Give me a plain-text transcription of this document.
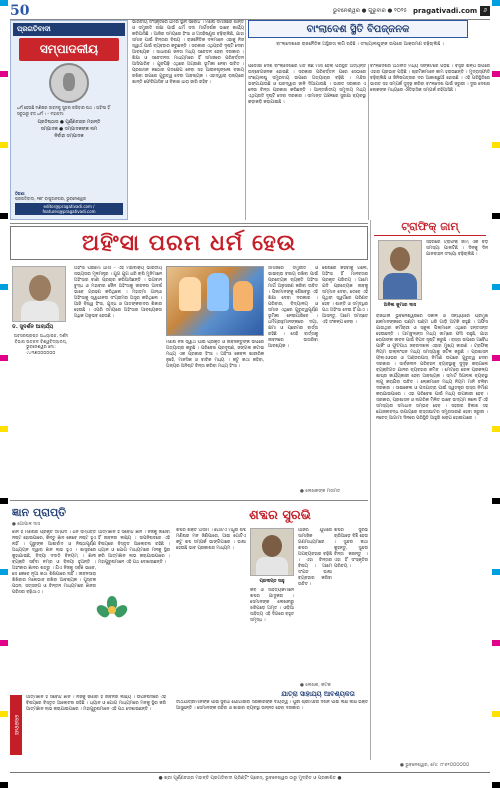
50	ଭୁବନେଶ୍ୱର ● ଗୁରୁବାର ● ୨୦୨୫ pragativadi.com	୬
ପ୍ରଗତିବାଦୀ
ସମ୍ପାଦକୀୟ
ଧର୍ମ ହେଉଛି ମଣିଷର ଜୀବନକୁ ସୁନ୍ଦର କରିବାର ପଥ । ଅହିଂସା ହିଁ ସବୁଠାରୁ ବଡ ଧର୍ମ । – ମହାତ୍ମା
ପ୍ରତିଷ୍ଠାତା ● ପୂର୍ଣ୍ଣଚନ୍ଦ୍ର ମହାନ୍ତି
ସମ୍ପାଦକ ● ସମ୍ପାଦକଙ୍କ ନାମ
ନିର୍ବାହୀ ସମ୍ପାଦକ
ଠିକଣା
ପ୍ରଗତିବାଦୀ, ୧୭୮ ବାପୁଜୀନଗର, ଭୁବନେଶ୍ୱର
editor@pragativadi.com / features@pragativadi.com
ଭାରତୀୟ ସଂସ୍କୃତିରେ ଧର୍ମର ସ୍ଥାନ ସର୍ବୋଚ୍ଚ । ମଣିଷ ସମାଜରେ ଶାନ୍ତି ଓ ସମ୍ପ୍ରୀତି ରକ୍ଷା ପାଇଁ ଧର୍ମ ସଦା ମାର୍ଗଦର୍ଶକ ଭାବେ କାର୍ଯ୍ୟ କରିଆସିଛି । ଆଜିର ସମୟରେ ହିଂସା ଓ ଅସହିଷ୍ଣୁତା ବଢ଼ିଚାଲିଛି, ଯାହା ସମାଜ ପାଇଁ ଚିନ୍ତାର ବିଷୟ । ରାଜନୈତିକ ଦଳମାନେ ଏହାକୁ ନିଜ ସ୍ୱାର୍ଥ ପାଇଁ ବ୍ୟବହାର କରୁଛନ୍ତି । ସରକାର ଏଥିପ୍ରତି ଦୃଷ୍ଟି ଦେବା ଆବଶ୍ୟକ । ସାଧାରଣ ଜନତା ମଧ୍ୟ ସଚେତନ ହେବା ଦରକାର । ଶିକ୍ଷା ଓ ସଚେତନତା ମାଧ୍ୟମରେ ହିଁ ସମାଜରେ ପରିବର୍ତ୍ତନ ଆସିପାରିବ । ଯୁବପିଢ଼ି ଏଥିରେ ଅଗ୍ରଣୀ ଭୂମିକା ନେବା ଉଚିତ । ପ୍ରଶାସନ କଠୋର ପଦକ୍ଷେପ ନେବା ସହ ଆଇନଶୃଙ୍ଖଳା ବଜାୟ ରଖିବା ଉପରେ ଗୁରୁତ୍ୱ ଦେବା ଆବଶ୍ୟକ । ଏହାଦ୍ୱାରା ରାଜ୍ୟରେ ଶାନ୍ତି ଫେରିଆସିବ ଓ ବିକାଶ ଧାରା ଜାରି ରହିବ ।
ବାଂଲାଦେଶ ସ୍ଥିତି ବିପଜ୍ଜନକ
ବାଂଲାଦେଶରେ ରାଜନୈତିକ ଅସ୍ଥିରତା ଲାଗି ରହିଛି । ସଂଖ୍ୟାଲଘୁଙ୍କ ଉପରେ ଆକ୍ରମଣ ବଢ଼ିଚାଲିଛି ।
ପଡୋଶୀ ଦେଶ ବାଂଲାଦେଶରେ ଗତ କିଛି ମାସ ହେଲା ପରିସ୍ଥିତି ଅତ୍ୟନ୍ତ ଉଦ୍‌ବେଗଜନକ ହୋଇଛି । ସରକାର ପରିବର୍ତ୍ତନ ପରେ ସେଠାରେ ସଂଖ୍ୟାଲଘୁ ସମ୍ପ୍ରଦାୟ ଉପରେ ଅତ୍ୟାଚାର ବଢ଼ିଛି । ମନ୍ଦିର ଭଙ୍ଗାଯାଉଛି ଓ ଘରଦ୍ୱାର ଜାଳି ଦିଆଯାଉଛି । ଭାରତ ସରକାର ଏ ନେଇ ଚିନ୍ତା ପ୍ରକାଶ କରିଛନ୍ତି । ଆନ୍ତର୍ଜାତୀୟ ସମୁଦାୟ ମଧ୍ୟ ଏଥିପ୍ରତି ଦୃଷ୍ଟି ଦେବା ଦରକାର । ସୀମାନ୍ତ ଅଞ୍ଚଳରେ ସୁରକ୍ଷା ବ୍ୟବସ୍ଥା କଡ଼ାକଡ଼ି କରାଯାଇଛି ।
ବାଂଲାଦେଶର ଅର୍ଥନୀତି ମଧ୍ୟ ସଙ୍କଟରେ ପଡ଼ିଛି । ବସ୍ତ୍ର ଶିଳ୍ପ ଉପରେ ଏହାର ପ୍ରଭାବ ପଡ଼ିଛି । ଶ୍ରମିକମାନେ କାମ ହରାଉଛନ୍ତି । ମୁଦ୍ରାସ୍ଫୀତି ବଢ଼ିଚାଲିଛି ଓ ଜିନିଷପତ୍ରର ଦର ଆକାଶଛୁଆଁ ହୋଇଛି । ଏହି ପରିସ୍ଥିତିରେ ଭାରତ ସହ ସମ୍ପର୍କ ସୁଦୃଢ଼ କରିବା ବାଂଲାଦେଶ ପାଇଁ ଜରୁରୀ । ଦୁଇ ଦେଶର ଲୋକଙ୍କ ମଧ୍ୟରେ ଐତିହାସିକ ସମ୍ପର୍କ ରହିଆସିଛି ।
ଅହିଂସା ପରମ ଧର୍ମ ହେଉ
ଡ. ସୁଦର୍ଶନ ଆଚାର୍ଯ୍ୟ
ଅବସରପ୍ରାପ୍ତ ଅଧ୍ୟାପକ, ଦର୍ଶନ ବିଭାଗ ଉତ୍କଳ ବିଶ୍ୱବିଦ୍ୟାଳୟ, ଭୁବନେଶ୍ୱର ମୋ: ୯୪୩୭୦୦୦୦୦୦
ଅହିଂସା ପରମୋ ଧର୍ମଃ – ଏହି ମହାବାକ୍ୟ ଭାରତୀୟ ସଭ୍ୟତାର ମୂଳମନ୍ତ୍ର । ଯୁଗ ଯୁଗ ଧରି ଋଷି ମୁନିମାନେ ଅହିଂସାର ବାଣୀ ପ୍ରଚାର କରିଆସିଛନ୍ତି । ଭଗବାନ ବୁଦ୍ଧ ଓ ମହାବୀର ଜୈନ ଅହିଂସାକୁ ଜୀବନର ଆଦର୍ଶ ଭାବେ ଗ୍ରହଣ କରିଥିଲେ । ମହାତ୍ମା ଗାନ୍ଧୀ ଅହିଂସାକୁ ସ୍ୱାଧୀନତା ସଂଗ୍ରାମର ଅସ୍ତ୍ର କରିଥିଲେ । ଆଜି ବିଶ୍ୱ ହିଂସା, ଯୁଦ୍ଧ ଓ ଆତଙ୍କବାଦର ଶିକାର ହେଉଛି । ଏପରି ସମୟରେ ଅହିଂସାର ଆବଶ୍ୟକତା ଅଧିକ ଅନୁଭବ ହେଉଛି ।
ମଣିଷ ନିଜ ସ୍ୱାର୍ଥ ପାଇଁ ପ୍ରକୃତି ଓ ଜୀବଜନ୍ତୁଙ୍କ ଉପରେ ଅତ୍ୟାଚାର କରୁଛି । ପରିବେଶ ପ୍ରଦୂଷଣ, ଜଙ୍ଗଲ କଟାଇ ମଧ୍ୟ ଏକ ପ୍ରକାର ହିଂସା । ଅହିଂସା କେବଳ ଶାରୀରିକ ନୁହେଁ, ମାନସିକ ଓ ବାଚିକ ମଧ୍ୟ । କଟୁ କଥା କହିବା, ଅନ୍ୟର ଅନିଷ୍ଟ ଚିନ୍ତା କରିବା ମଧ୍ୟ ହିଂସା ।
ସମାଜରେ ସମ୍ପ୍ରୀତି ଓ ଭାଇଚାରା ବଜାୟ ରଖିବା ପାଇଁ ପ୍ରତ୍ୟେକ ବ୍ୟକ୍ତି ଅହିଂସା ମାର୍ଗ ଅନୁସରଣ କରିବା ଉଚିତ । ପିଲାମାନଙ୍କୁ ଶୈଶବରୁ ଏହି ଶିକ୍ଷା ଦେବା ଦରକାର । ପରିବାର, ବିଦ୍ୟାଳୟ ଓ ସମାଜ ଏଥିରେ ଗୁରୁତ୍ୱପୂର୍ଣ୍ଣ ଭୂମିକା ନେଇପାରିବେ । ଧର୍ମଗ୍ରନ୍ଥମାନଙ୍କରେ ଦୟା, କ୍ଷମା ଓ ପ୍ରେମର ବାର୍ତ୍ତା ରହିଛି । ସେହି ବାର୍ତ୍ତାକୁ ଜୀବନରେ ଉତାରିବା ଆବଶ୍ୟକ ।
ଶେଷରେ କହିବାକୁ ଗଲେ, ଅହିଂସା ହିଁ ମାନବତାର ପ୍ରକୃତ ପରିଚୟ । ଆମେ ଯଦି ପ୍ରତ୍ୟେକ ଜୀବକୁ ସମ୍ମାନ ଦେବା, ତେବେ ଏହି ପୃଥିବୀ ସ୍ୱର୍ଗରେ ପରିଣତ ହେବ । ଶାନ୍ତି ଓ ସମୃଦ୍ଧିର ପଥ ଅହିଂସା ଦେଇ ହିଁ ଯାଏ । ଆସନ୍ତୁ, ଆମେ ସମସ୍ତେ ଏହି ସଂକଳ୍ପ ନେବା ।
● ଲେଖକଙ୍କ ମତାମତ
ଟ୍ରାଫିକ୍ ଜାମ୍
ଅନିଲ କୁମାର ଦାସ
ସହରରେ ଟ୍ରାଫିକ୍ ଜାମ୍ ଏକ ବଡ଼ ସମସ୍ୟା ପାଲଟିଛି । ଦିନକୁ ଦିନ ଯାନବାହନ ସଂଖ୍ୟା ବଢ଼ିଚାଲିଛି ।
ରାଜଧାନୀ ଭୁବନେଶ୍ୱରରେ ସକାଳ ଓ ସନ୍ଧ୍ୟାରେ ପ୍ରମୁଖ ଛକମାନଙ୍କରେ ଘଣ୍ଟା ଘଣ୍ଟା ଧରି ଗାଡ଼ି ଅଟକି ରହୁଛି । ଅଫିସ ଯାଉଥିବା କର୍ମଚାରୀ ଓ ସ୍କୁଲ ପିଲାମାନେ ଏଥିରେ ହନ୍ତସନ୍ତ ହେଉଛନ୍ତି । ଆମ୍ବୁଲାନ୍ସ ମଧ୍ୟ ଜାମ୍‌ରେ ଫସି ରହୁଛି, ଯାହା ରୋଗୀଙ୍କ ଜୀବନ ପାଇଁ ବିପଦ ସୃଷ୍ଟି କରୁଛି । ରାସ୍ତା ଉପରେ ଅବୈଧ ପାର୍କିଂ ଓ ଫୁଟପାଥ ଜବରଦଖଲ ଏହାର ମୁଖ୍ୟ କାରଣ । ଟ୍ରାଫିକ୍ ନିୟମ ଉଲ୍ଲଂଘନ ମଧ୍ୟ ସମସ୍ୟାକୁ ଜଟିଳ କରୁଛି । ପ୍ରଶାସନ ଫ୍ଲାଏଓଭର ଓ ଅଣ୍ଡରପାସ୍ ନିର୍ମାଣ ଉପରେ ଗୁରୁତ୍ୱ ଦେବା ଦରକାର । ସାର୍ବଜନୀନ ପରିବହନ ବ୍ୟବସ୍ଥାକୁ ସୁଦୃଢ଼ କରାଗଲେ ବ୍ୟକ୍ତିଗତ ଯାନର ବ୍ୟବହାର କମିବ । ମେଟ୍ରୋ ରେଳ ପ୍ରକଳ୍ପ ଶୀଘ୍ର କାର୍ଯ୍ୟକାରୀ ହେବା ଆବଶ୍ୟକ । ସ୍ମାର୍ଟ ସିଗନାଲ ବ୍ୟବସ୍ଥା ଲାଗୁ କରାଯିବା ଉଚିତ । ଲୋକମାନେ ମଧ୍ୟ ନିୟମ ମାନି ଚଳିବା ଦରକାର । ସାଇକେଲ ଓ ପଦଯାତ୍ରା ପାଇଁ ସ୍ୱତନ୍ତ୍ର ରାସ୍ତା ନିର୍ମାଣ କରାଯାଇପାରେ । ଏହା ପରିବେଶ ପାଇଁ ମଧ୍ୟ ଉପକାରୀ ହେବ । ସରକାର, ପ୍ରଶାସନ ଓ ନାଗରିକ ମିଳିତ ଭାବେ ଉଦ୍ୟମ କଲେ ହିଁ ଏହି ସମସ୍ୟାର ସମାଧାନ ସମ୍ଭବ ହେବ । ସହରର ବିକାଶ ସହ ଯୋଜନାବଦ୍ଧ ଉପାୟରେ ରାସ୍ତାଘାଟର ସମ୍ପ୍ରସାରଣ ହେବା ଜରୁରୀ । ନଚେତ୍ ଆଗାମୀ ଦିନରେ ପରିସ୍ଥିତି ଆହୁରି ଖରାପ ହୋଇପାରେ ।
● ଭୁବନେଶ୍ୱର, ମୋ: ୯୮୬୧୦୦୦୦୦୦
ଜ୍ଞାନ ପ୍ରାପ୍ତି
● ଗୋପାଳ ଦାସ
ଜ୍ଞାନ ହିଁ ମଣିଷର ପ୍ରକୃତ ସମ୍ପଦ । ଧନ ସମ୍ପତ୍ତି ନଷ୍ଟ ହୋଇପାରେ, କିନ୍ତୁ ଜ୍ଞାନ କେବେ ନଷ୍ଟ ହୁଏ ନାହିଁ । ଗୁରୁଙ୍କ ଆଶୀର୍ବାଦ ଓ ନିଷ୍ଠାପୂର୍ଣ୍ଣ ଅଧ୍ୟୟନ ଦ୍ୱାରା ଜ୍ଞାନ ଲାଭ ହୁଏ । ଶାସ୍ତ୍ରରେ କୁହାଯାଇଛି, ବିଦ୍ୟା ଦଦାତି ବିନୟମ୍ । ଜ୍ଞାନୀ ବ୍ୟକ୍ତି ସର୍ବଦା ନମ୍ର ଓ ବିନୟୀ ହୁଅନ୍ତି । ଅହଂକାର ଜ୍ଞାନର ଶତ୍ରୁ । ଯିଏ ନିଜକୁ ସର୍ବଜ୍ଞ ଭାବେ, ସେ କେବେ ନୂଆ କଥା ଶିଖିପାରେ ନାହିଁ । ଜୀବନସାରା ଶିଖିବାର ମନୋଭାବ ରଖିବା ଆବଶ୍ୟକ । ପୁସ୍ତକ ପଠନ, ସତ୍ସଙ୍ଗ ଓ ଚିନ୍ତନ ମାଧ୍ୟମରେ ଜ୍ଞାନର ପରିସର ବଢ଼ିଥାଏ ।
ଆତ୍ମଜ୍ଞାନ ହିଁ ସର୍ବୋଚ୍ଚ ଜ୍ଞାନ । ନିଜକୁ ଜାଣିବା ହିଁ ଜୀବନର ଲକ୍ଷ୍ୟ । ଉପନିଷଦରେ ଏହି ବିଷୟରେ ବିସ୍ତୃତ ଆଲୋଚନା ରହିଛି । ଧ୍ୟାନ ଓ ଯୋଗ ମାଧ୍ୟମରେ ମନକୁ ସ୍ଥିର କରି ଆତ୍ମଜ୍ଞାନ ଲାଭ କରାଯାଇପାରେ । ମହାପୁରୁଷମାନେ ଏହି ପଥ ଦେଖାଇଛନ୍ତି ।
ଶବ୍ଦର ସୁରଭି
ଶବ୍ଦର ଶକ୍ତି ଅସୀମ । ଗୋଟିଏ ମଧୁର ଶବ୍ଦ ମଣିଷର ମନ ଜିଣିପାରେ, ଆଉ ଗୋଟିଏ କଟୁ ଶବ୍ଦ ସମ୍ପର୍କ ଭାଙ୍ଗିପାରେ । ଭାଷା ହେଉଛି ଭାବ ପ୍ରକାଶର ମାଧ୍ୟମ ।
ପ୍ରଦୀପ୍ତ ସାହୁ
କବି ଓ ସାହିତ୍ୟିକମାନେ ଶବ୍ଦର ଯାଦୁକର । ସେମାନଙ୍କ ଲେଖନୀରୁ ଝରିପଡ଼େ ଅମୃତ । ଓଡ଼ିଆ ସାହିତ୍ୟ ଏହି ଦିଗରେ ବହୁତ ସମୃଦ୍ଧ ।
ଆଜିର ଯୁଗରେ ସାମାଜିକ ଗଣମାଧ୍ୟମରେ ଶବ୍ଦର ଅପବ୍ୟବହାର ବଢ଼ିଛି । ଏହା ଚିନ୍ତାର ବିଷୟ । ଆମେ ସଂଯତ ଭାଷା ବ୍ୟବହାର କରିବା ଉଚିତ ।
ଶବ୍ଦର ସୁରଭି ଚାରିଆଡ଼େ ବିଞ୍ଚି ହେଉ । ସୁନ୍ଦର କଥା କୁହନ୍ତୁ, ସୁନ୍ଦର ଚିନ୍ତା କରନ୍ତୁ । ଏହା ହିଁ ସଂସ୍କୃତିର ପରିଚୟ ।
● ଲେଖକ, କଟକ
ଲୋକବାଣୀ
ଆତ୍ମଜ୍ଞାନ ହିଁ ସର୍ବୋଚ୍ଚ ଜ୍ଞାନ । ନିଜକୁ ଜାଣିବା ହିଁ ଜୀବନର ଲକ୍ଷ୍ୟ । ଉପନିଷଦରେ ଏହି ବିଷୟରେ ବିସ୍ତୃତ ଆଲୋଚନା ରହିଛି । ଧ୍ୟାନ ଓ ଯୋଗ ମାଧ୍ୟମରେ ମନକୁ ସ୍ଥିର କରି ଆତ୍ମଜ୍ଞାନ ଲାଭ କରାଯାଇପାରେ । ମହାପୁରୁଷମାନେ ଏହି ପଥ ଦେଖାଇଛନ୍ତି ।
ଯାତ୍ରା ସାହାଯ୍ୟ ଆବଶ୍ୟକତା
ତୀର୍ଥଯାତ୍ରୀମାନଙ୍କ ପାଇଁ ସୁବିଧା ଯୋଗାଇବା ସରକାରଙ୍କ ଦାୟିତ୍ୱ । ପୁରୀ ଶ୍ରୀମନ୍ଦିର ଦର୍ଶନ ପାଇଁ ଲକ୍ଷ ଲକ୍ଷ ଭକ୍ତ ଆସୁଛନ୍ତି । ସେମାନଙ୍କ ରହିବା ଓ ଖାଇବା ବ୍ୟବସ୍ଥା ଉନ୍ନତ ହେବା ଦରକାର ।
● ଶ୍ରୀ ପୂର୍ଣ୍ଣଚନ୍ଦ୍ର ମହାନ୍ତି ପ୍ରଗତିବାଦୀ ପ୍ରିଣ୍ଟିଂ ପ୍ରେସ୍, ଭୁବନେଶ୍ୱର ଠାରୁ ମୁଦ୍ରିତ ଓ ପ୍ରକାଶିତ ●
